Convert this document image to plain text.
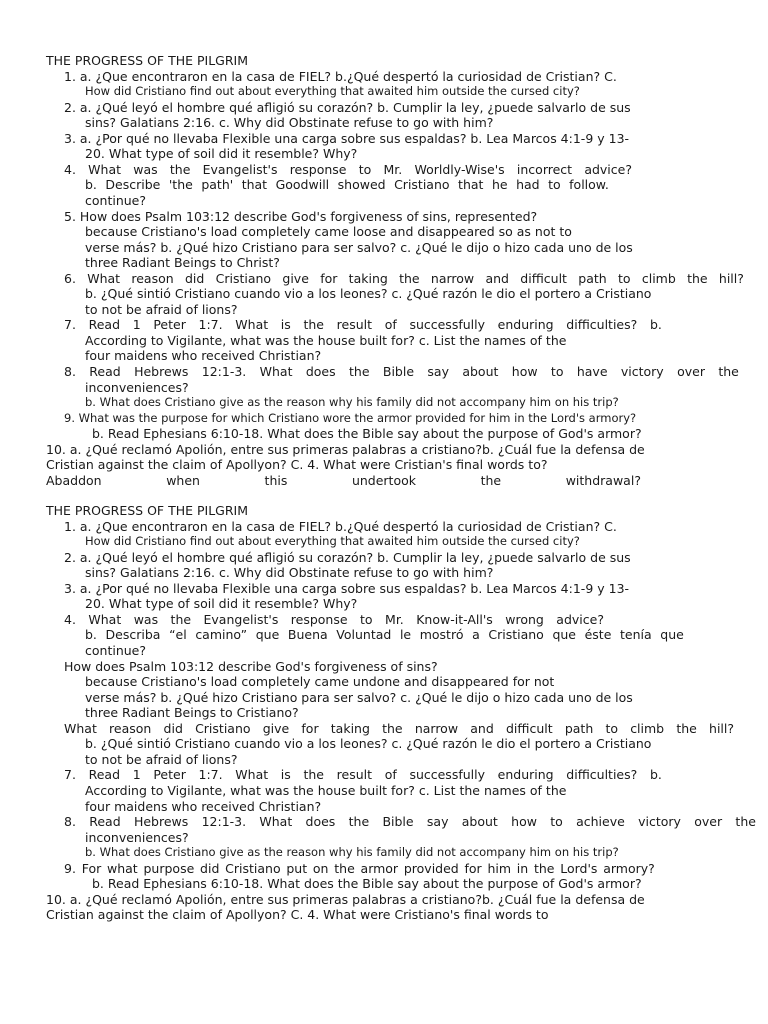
THE PROGRESS OF THE PILGRIM
1. a. ¿Que encontraron en la casa de FIEL? b.¿Qué despertó la curiosidad de Cristian? C.
How did Cristiano find out about everything that awaited him outside the cursed city?
2. a. ¿Qué leyó el hombre qué afligió su corazón? b. Cumplir la ley, ¿puede salvarlo de sus
sins? Galatians 2:16. c. Why did Obstinate refuse to go with him?
3. a. ¿Por qué no llevaba Flexible una carga sobre sus espaldas? b. Lea Marcos 4:1-9 y 13-
20. What type of soil did it resemble? Why?
4. What was the Evangelist's response to Mr. Worldly-Wise's incorrect advice?
b. Describe 'the path' that Goodwill showed Cristiano that he had to follow.
continue?
5. How does Psalm 103:12 describe God's forgiveness of sins, represented?
because Cristiano's load completely came loose and disappeared so as not to
verse más? b. ¿Qué hizo Cristiano para ser salvo? c. ¿Qué le dijo o hizo cada uno de los
three Radiant Beings to Christ?
6. What reason did Cristiano give for taking the narrow and difficult path to climb the hill?
b. ¿Qué sintió Cristiano cuando vio a los leones? c. ¿Qué razón le dio el portero a Cristiano
to not be afraid of lions?
7. Read 1 Peter 1:7. What is the result of successfully enduring difficulties? b.
According to Vigilante, what was the house built for? c. List the names of the
four maidens who received Christian?
8. Read Hebrews 12:1-3. What does the Bible say about how to have victory over the
inconveniences?
b. What does Cristiano give as the reason why his family did not accompany him on his trip?
9. What was the purpose for which Cristiano wore the armor provided for him in the Lord's armory?
b. Read Ephesians 6:10-18. What does the Bible say about the purpose of God's armor?
10. a. ¿Qué reclamó Apolión, entre sus primeras palabras a cristiano?b. ¿Cuál fue la defensa de
Cristian against the claim of Apollyon? C. 4. What were Cristian's final words to?
Abaddon	when	this	undertook	the	withdrawal?
THE PROGRESS OF THE PILGRIM
1. a. ¿Que encontraron en la casa de FIEL? b.¿Qué despertó la curiosidad de Cristian? C.
How did Cristiano find out about everything that awaited him outside the cursed city?
2. a. ¿Qué leyó el hombre qué afligió su corazón? b. Cumplir la ley, ¿puede salvarlo de sus
sins? Galatians 2:16. c. Why did Obstinate refuse to go with him?
3. a. ¿Por qué no llevaba Flexible una carga sobre sus espaldas? b. Lea Marcos 4:1-9 y 13-
20. What type of soil did it resemble? Why?
4. What was the Evangelist's response to Mr. Know-it-All's wrong advice?
b. Describa “el camino” que Buena Voluntad le mostró a Cristiano que éste tenía que
continue?
How does Psalm 103:12 describe God's forgiveness of sins?
because Cristiano's load completely came undone and disappeared for not
verse más? b. ¿Qué hizo Cristiano para ser salvo? c. ¿Qué le dijo o hizo cada uno de los
three Radiant Beings to Cristiano?
What reason did Cristiano give for taking the narrow and difficult path to climb the hill?
b. ¿Qué sintió Cristiano cuando vio a los leones? c. ¿Qué razón le dio el portero a Cristiano
to not be afraid of lions?
7. Read 1 Peter 1:7. What is the result of successfully enduring difficulties? b.
According to Vigilante, what was the house built for? c. List the names of the
four maidens who received Christian?
8. Read Hebrews 12:1-3. What does the Bible say about how to achieve victory over the
inconveniences?
b. What does Cristiano give as the reason why his family did not accompany him on his trip?
9. For what purpose did Cristiano put on the armor provided for him in the Lord's armory?
b. Read Ephesians 6:10-18. What does the Bible say about the purpose of God's armor?
10. a. ¿Qué reclamó Apolión, entre sus primeras palabras a cristiano?b. ¿Cuál fue la defensa de
Cristian against the claim of Apollyon? C. 4. What were Cristiano's final words to
